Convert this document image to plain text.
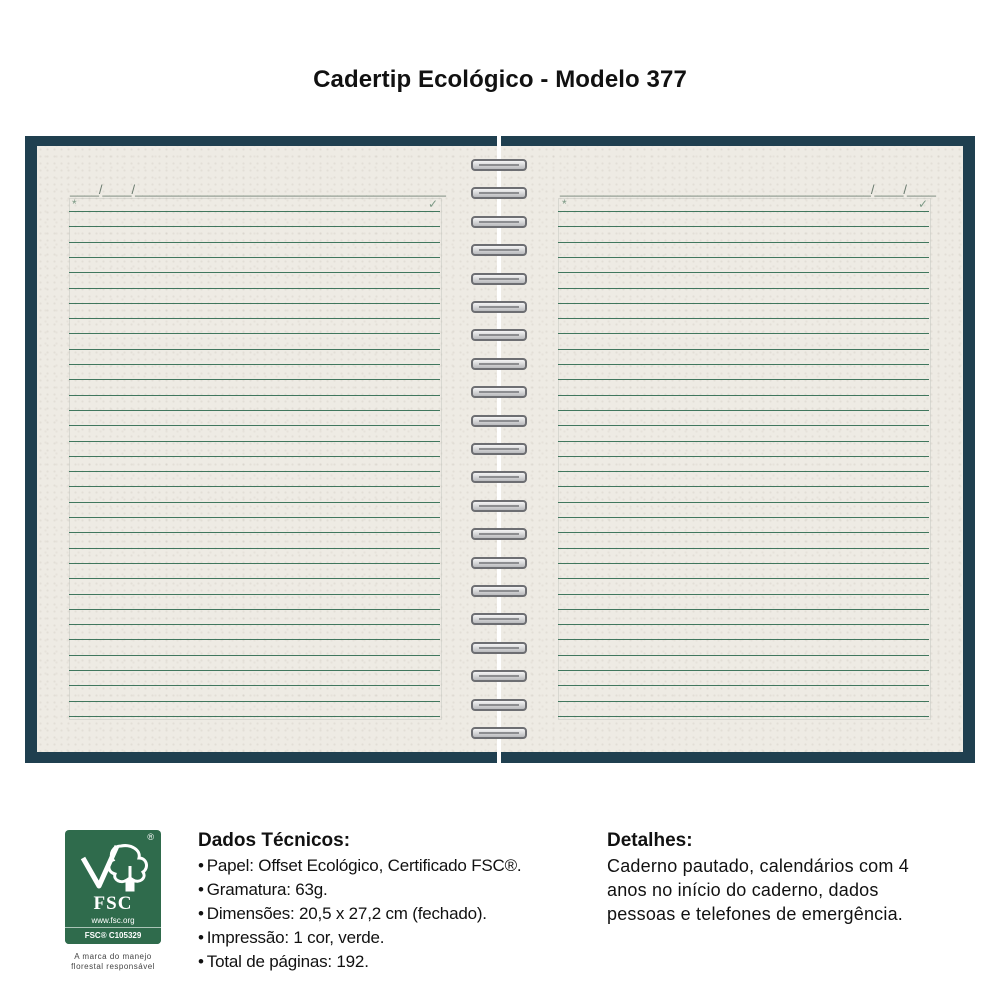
Cadertip Ecológico - Modelo 377
____/____/___________________________________________	___________________________________________/____/____
*	✓	*	✓
®
FSC
www.fsc.org
FSC® C105329
A marca do manejo
florestal responsável
Dados Técnicos:
• Papel: Offset Ecológico, Certificado FSC®.
• Gramatura: 63g.
• Dimensões: 20,5 x 27,2 cm (fechado).
• Impressão: 1 cor, verde.
• Total de páginas: 192.
Detalhes:

Caderno pautado, calendários com 4 anos no início do caderno, dados pessoas e telefones de emergência.
